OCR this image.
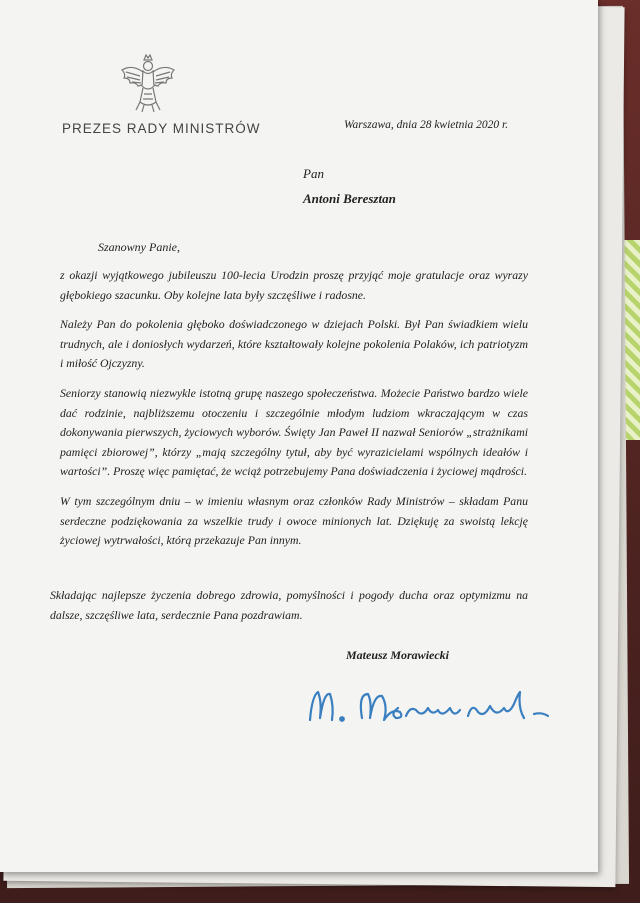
PREZES RADY MINISTRÓW	Warszawa, dnia 28 kwietnia 2020 r.
Pan
Antoni Beresztan
Szanowny Panie,

z okazji wyjątkowego jubileuszu 100-lecia Urodzin proszę przyjąć moje gratulacje oraz wyrazy głębokiego szacunku. Oby kolejne lata były szczęśliwe i radosne.

Należy Pan do pokolenia głęboko doświadczonego w dziejach Polski. Był Pan świadkiem wielu trudnych, ale i doniosłych wydarzeń, które kształtowały kolejne pokolenia Polaków, ich patriotyzm i miłość Ojczyzny.

Seniorzy stanowią niezwykle istotną grupę naszego społeczeństwa. Możecie Państwo bardzo wiele dać rodzinie, najbliższemu otoczeniu i szczególnie młodym ludziom wkraczającym w czas dokonywania pierwszych, życiowych wyborów. Święty Jan Paweł II nazwał Seniorów „strażnikami pamięci zbiorowej”, którzy „mają szczególny tytuł, aby być wyrazicielami wspólnych ideałów i wartości”. Proszę więc pamiętać, że wciąż potrzebujemy Pana doświadczenia i życiowej mądrości.

W tym szczególnym dniu – w imieniu własnym oraz członków Rady Ministrów – składam Panu serdeczne podziękowania za wszelkie trudy i owoce minionych lat. Dziękuję za swoistą lekcję życiowej wytrwałości, którą przekazuje Pan innym.

Składając najlepsze życzenia dobrego zdrowia, pomyślności i pogody ducha oraz optymizmu na dalsze, szczęśliwe lata, serdecznie Pana pozdrawiam.

Mateusz Morawiecki
